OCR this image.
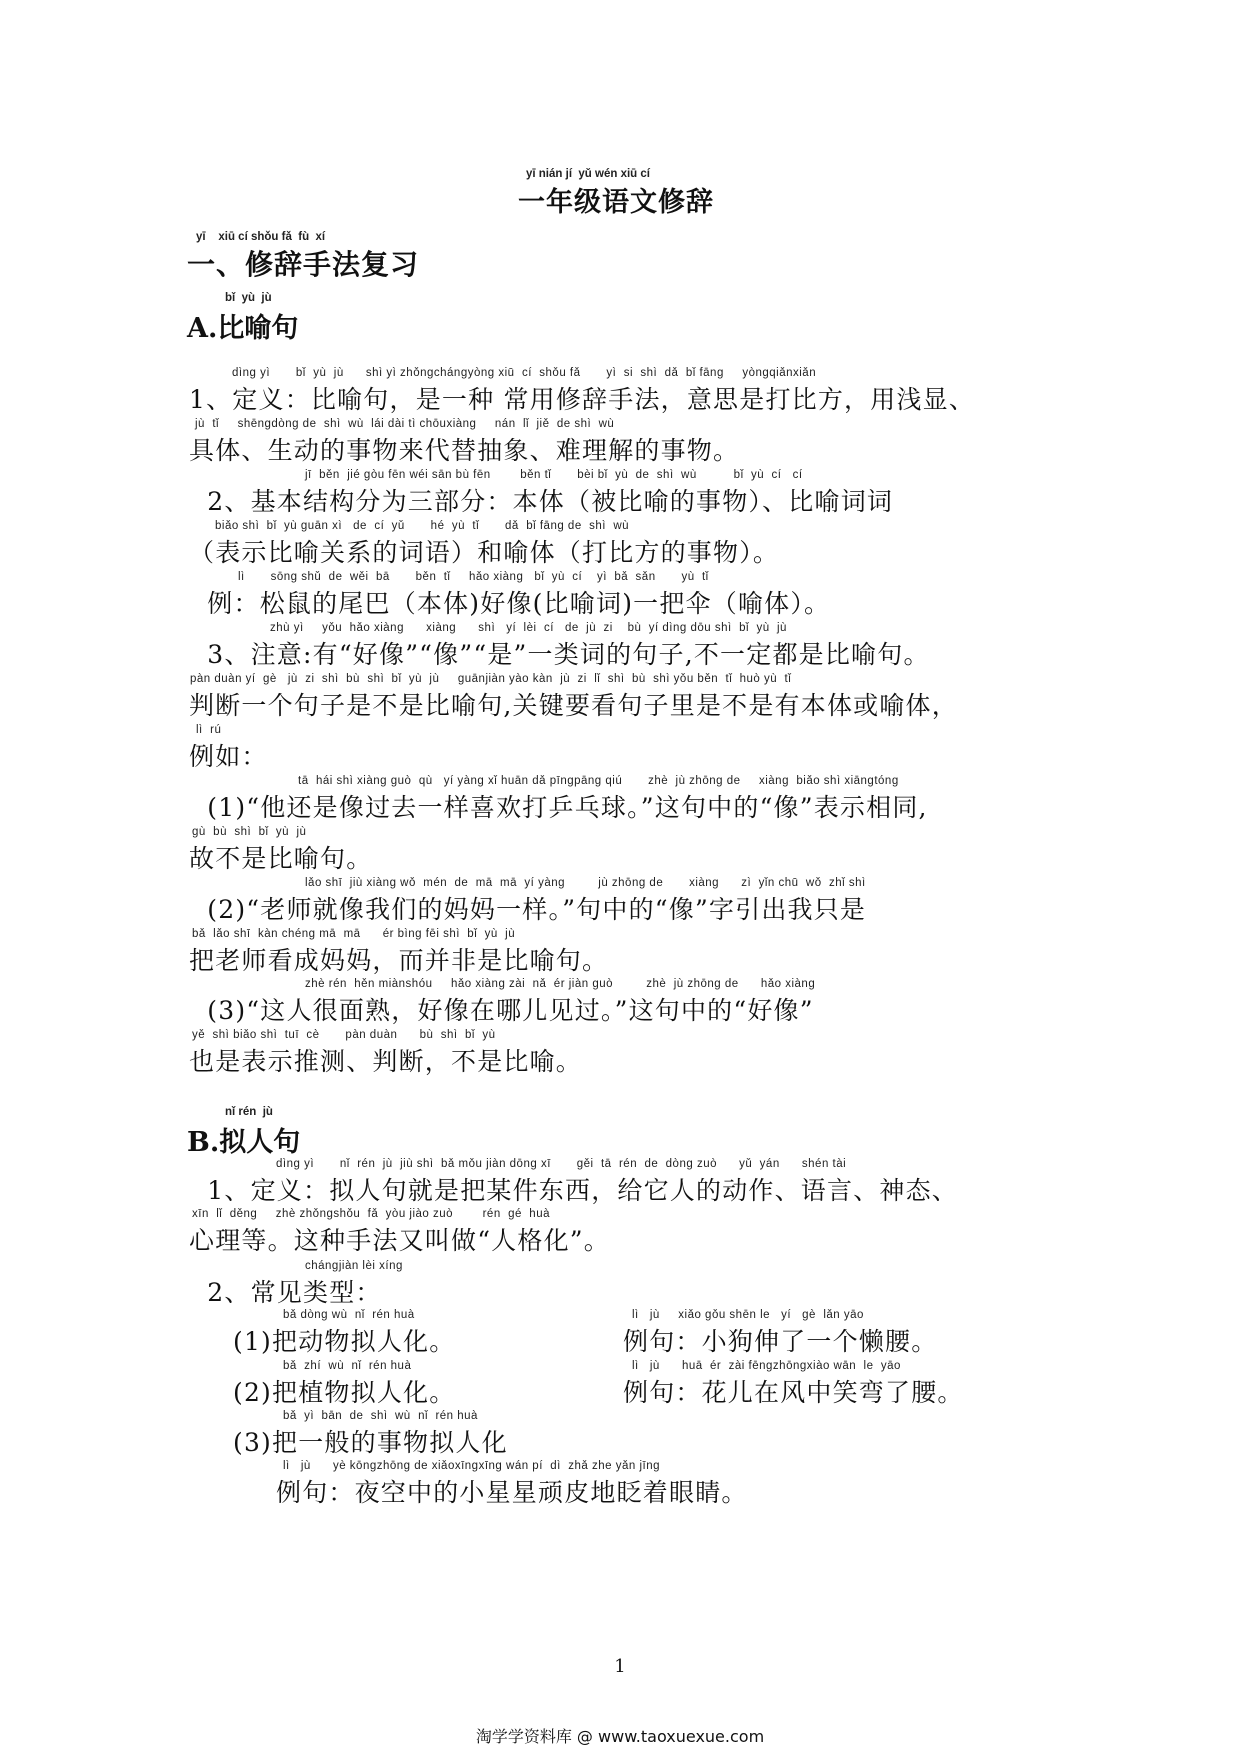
yī nián jí  yǔ wén xiū cí
一年级语文修辞
yī    xiū cí shǒu fǎ  fù  xí
一、修辞手法复习
bǐ  yù  jù
A.比喻句
dìng yì       bǐ  yù  jù      shì yì zhǒngchángyòng xiū  cí  shǒu fǎ       yì  si  shì  dǎ  bǐ fāng     yòngqiǎnxiǎn
1、定义：比喻句，是一种 常用修辞手法，意思是打比方，用浅显、
jù  tǐ     shēngdòng de  shì  wù  lái dài tì chōuxiàng     nán  lǐ  jiě  de shì  wù
具体、生动的事物来代替抽象、难理解的事物。
jī  běn  jié gòu fēn wéi sān bù fēn        běn tǐ       bèi bǐ  yù  de  shì  wù          bǐ  yù  cí   cí
2、基本结构分为三部分：本体（被比喻的事物）、比喻词词
biǎo shì  bǐ  yù guān xì   de  cí  yǔ       hé  yù  tǐ       dǎ  bǐ fāng de  shì  wù
（表示比喻关系的词语）和喻体（打比方的事物）。
lì       sōng shǔ  de  wěi  bā       běn  tǐ     hǎo xiàng   bǐ  yù  cí    yì  bǎ  sǎn       yù  tǐ
例：松鼠的尾巴（本体)好像(比喻词)一把伞（喻体）。
zhù yì     yǒu  hǎo xiàng      xiàng      shì   yí  lèi  cí   de  jù  zi    bù  yí dìng dōu shì  bǐ  yù  jù
3、注意:有“好像”“像”“是”一类词的句子,不一定都是比喻句。
pàn duàn yí  gè   jù  zi  shì  bù  shì  bǐ  yù  jù     guānjiàn yào kàn  jù  zi  lǐ  shì  bù  shì yǒu běn  tǐ  huò yù  tǐ
判断一个句子是不是比喻句,关键要看句子里是不是有本体或喻体，
lì  rú
例如：
tā  hái shì xiàng guò  qù   yí yàng xǐ huān dǎ pīngpāng qiú       zhè  jù zhōng de     xiàng  biǎo shì xiāngtóng
(1)“他还是像过去一样喜欢打乒乓球。”这句中的“像”表示相同,
gù  bù  shì  bǐ  yù  jù
故不是比喻句。
lǎo shī  jiù xiàng wǒ  mén  de  mā  mā  yí yàng         jù zhōng de       xiàng      zì  yǐn chū  wǒ  zhǐ shì
(2)“老师就像我们的妈妈一样。”句中的“像”字引出我只是
bǎ  lǎo shī  kàn chéng mā  mā      ér bìng fēi shì  bǐ  yù  jù
把老师看成妈妈，而并非是比喻句。
zhè rén  hěn miànshóu     hǎo xiàng zài  nǎ  ér jiàn guò         zhè  jù zhōng de      hǎo xiàng
(3)“这人很面熟，好像在哪儿见过。”这句中的“好像”
yě  shì biǎo shì  tuī  cè       pàn duàn      bù  shì  bǐ  yù
也是表示推测、判断，不是比喻。
nǐ rén  jù
B.拟人句
dìng yì       nǐ  rén  jù  jiù shì  bǎ mǒu jiàn dōng xī       gěi  tā  rén  de  dòng zuò      yǔ  yán      shén tài
1、定义：拟人句就是把某件东西，给它人的动作、语言、神态、
xīn  lǐ  děng     zhè zhǒngshǒu  fǎ  yòu jiào zuò        rén  gé  huà
心理等。这种手法又叫做“人格化”。
chángjiàn lèi xíng
2、常见类型：
bǎ dòng wù  nǐ  rén huà
(1)把动物拟人化。
lì   jù     xiǎo gǒu shēn le   yí   gè  lǎn yāo
例句：小狗伸了一个懒腰。
bǎ  zhí  wù  nǐ  rén huà
(2)把植物拟人化。
lì   jù      huā  ér  zài fēngzhōngxiào wān  le  yāo
例句：花儿在风中笑弯了腰。
bǎ  yì  bān  de  shì  wù  nǐ  rén huà
(3)把一般的事物拟人化
lì   jù      yè kōngzhōng de xiǎoxīngxīng wán pí  dì  zhǎ zhe yǎn jīng
例句：夜空中的小星星顽皮地眨着眼睛。
1
淘学学资料库 @ www.taoxuexue.com
